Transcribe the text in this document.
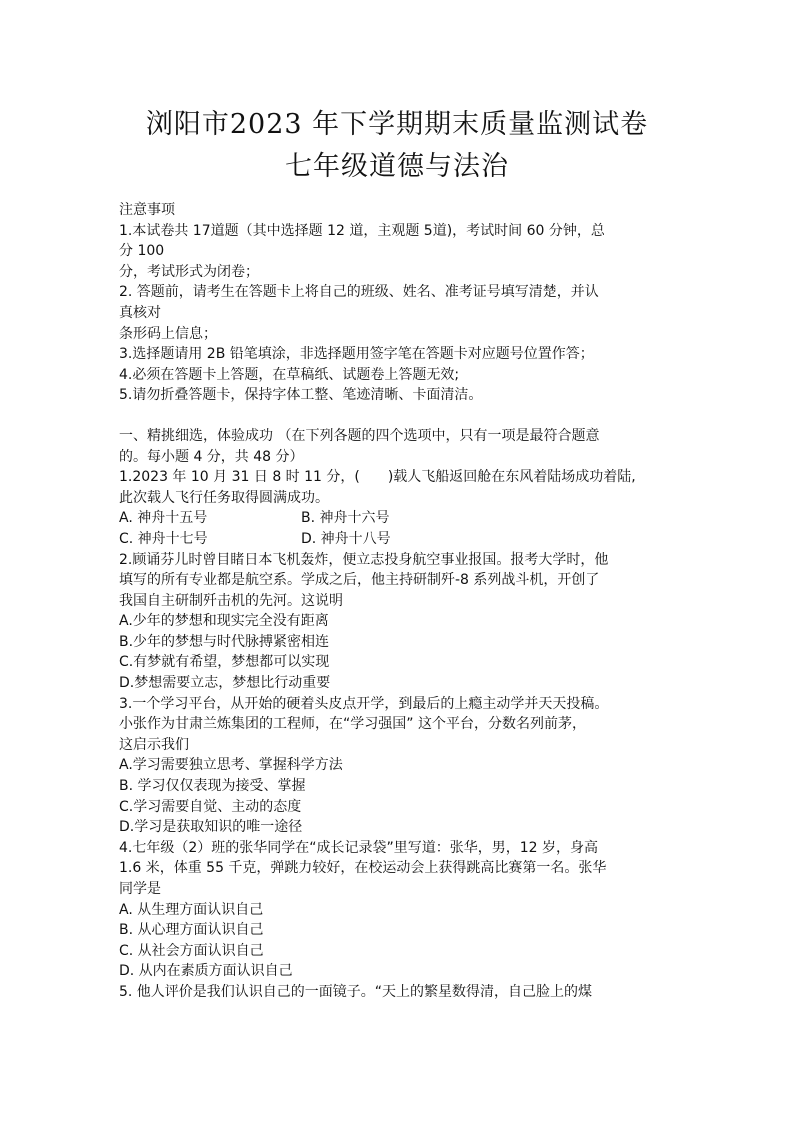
浏阳市2023 年下学期期末质量监测试卷
七年级道德与法治
注意事项
1.本试卷共 17道题（其中选择题 12 道，主观题 5道)，考试时间 60 分钟，总
分 100
分，考试形式为闭卷；
2. 答题前，请考生在答题卡上将自己的班级、姓名、准考证号填写清楚，并认
真核对
条形码上信息；
3.选择题请用 2B 铅笔填涂，非选择题用签字笔在答题卡对应题号位置作答；
4.必须在答题卡上答题，在草稿纸、试题卷上答题无效;
5.请勿折叠答题卡，保持字体工整、笔迹清晰、卡面清洁。
一、精挑细选，体验成功 （在下列各题的四个选项中，只有一项是最符合题意
的。每小题 4 分，共 48 分）
1.2023 年 10 月 31 日 8 时 11 分，(　　)载人飞船返回舱在东风着陆场成功着陆,
此次载人飞行任务取得圆满成功。
A. 神舟十五号	B. 神舟十六号
C. 神舟十七号	D. 神舟十八号
2.顾诵芬儿时曾目睹日本飞机轰炸，便立志投身航空事业报国。报考大学时，他
填写的所有专业都是航空系。学成之后，他主持研制歼-8 系列战斗机，开创了
我国自主研制歼击机的先河。这说明
A.少年的梦想和现实完全没有距离
B.少年的梦想与时代脉搏紧密相连
C.有梦就有希望，梦想都可以实现
D.梦想需要立志，梦想比行动重要
3.一个学习平台，从开始的硬着头皮点开学，到最后的上瘾主动学并天天投稿。
小张作为甘肃兰炼集团的工程师，在“学习强国” 这个平台，分数名列前茅，
这启示我们
A.学习需要独立思考、掌握科学方法
B. 学习仅仅表现为接受、掌握
C.学习需要自觉、主动的态度
D.学习是获取知识的唯一途径
4.七年级（2）班的张华同学在“成长记录袋”里写道：张华，男，12 岁，身高
1.6 米，体重 55 千克，弹跳力较好，在校运动会上获得跳高比赛第一名。张华
同学是
A. 从生理方面认识自己
B. 从心理方面认识自己
C. 从社会方面认识自己
D. 从内在素质方面认识自己
5. 他人评价是我们认识自己的一面镜子。“天上的繁星数得清，自己脸上的煤
